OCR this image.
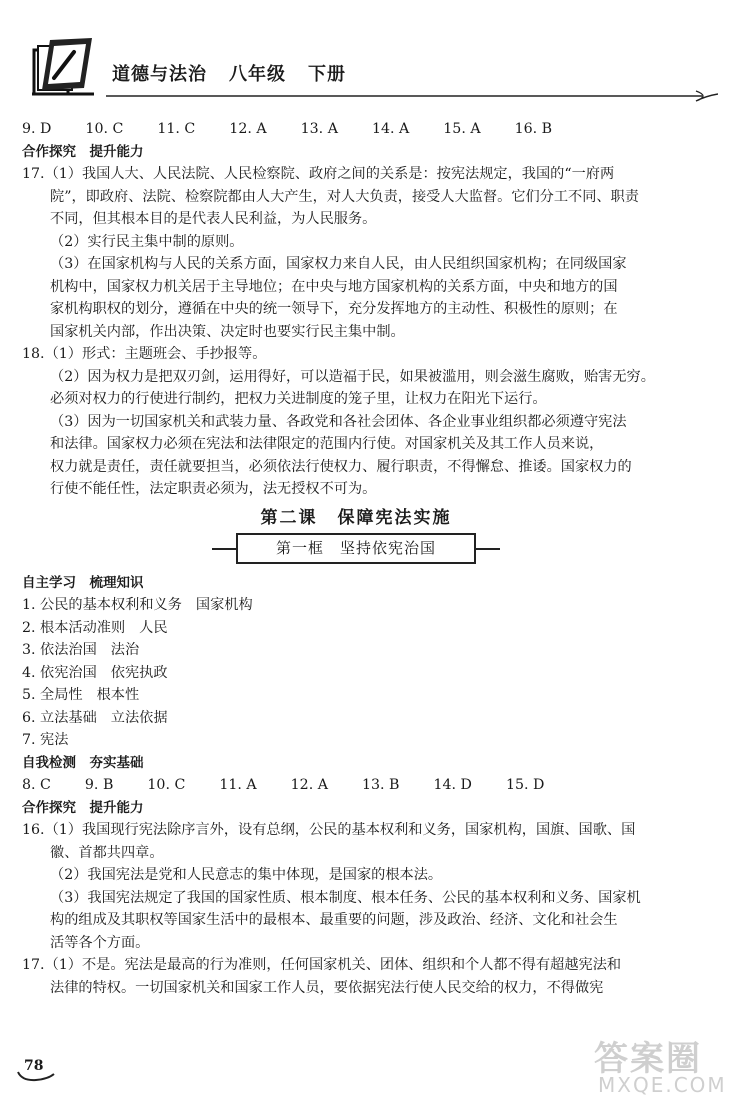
道德与法治 八年级 下册
9. D 10. C 11. C 12. A 13. A 14. A 15. A 16. B
合作探究　提升能力
17.（1）我国人大、人民法院、人民检察院、政府之间的关系是：按宪法规定，我国的“一府两
院”，即政府、法院、检察院都由人大产生，对人大负责，接受人大监督。它们分工不同、职责
不同，但其根本目的是代表人民利益，为人民服务。
（2）实行民主集中制的原则。
（3）在国家机构与人民的关系方面，国家权力来自人民，由人民组织国家机构；在同级国家
机构中，国家权力机关居于主导地位；在中央与地方国家机构的关系方面，中央和地方的国
家机构职权的划分，遵循在中央的统一领导下，充分发挥地方的主动性、积极性的原则；在
国家机关内部，作出决策、决定时也要实行民主集中制。
18.（1）形式：主题班会、手抄报等。
（2）因为权力是把双刃剑，运用得好，可以造福于民，如果被滥用，则会滋生腐败，贻害无穷。
必须对权力的行使进行制约，把权力关进制度的笼子里，让权力在阳光下运行。
（3）因为一切国家机关和武装力量、各政党和各社会团体、各企业事业组织都必须遵守宪法
和法律。国家权力必须在宪法和法律限定的范围内行使。对国家机关及其工作人员来说，
权力就是责任，责任就要担当，必须依法行使权力、履行职责，不得懈怠、推诿。国家权力的
行使不能任性，法定职责必须为，法无授权不可为。
第二课 保障宪法实施
第一框 坚持依宪治国
自主学习　梳理知识
1. 公民的基本权利和义务 国家机构
2. 根本活动准则 人民
3. 依法治国 法治
4. 依宪治国 依宪执政
5. 全局性 根本性
6. 立法基础 立法依据
7. 宪法
自我检测　夯实基础
8. C 9. B 10. C 11. A 12. A 13. B 14. D 15. D
合作探究　提升能力
16.（1）我国现行宪法除序言外，设有总纲，公民的基本权利和义务，国家机构，国旗、国歌、国
徽、首都共四章。
（2）我国宪法是党和人民意志的集中体现，是国家的根本法。
（3）我国宪法规定了我国的国家性质、根本制度、根本任务、公民的基本权利和义务、国家机
构的组成及其职权等国家生活中的最根本、最重要的问题，涉及政治、经济、文化和社会生
活等各个方面。
17.（1）不是。宪法是最高的行为准则，任何国家机关、团体、组织和个人都不得有超越宪法和
法律的特权。一切国家机关和国家工作人员，要依据宪法行使人民交给的权力，不得做宪
78	答案圈
MXQE.COM
